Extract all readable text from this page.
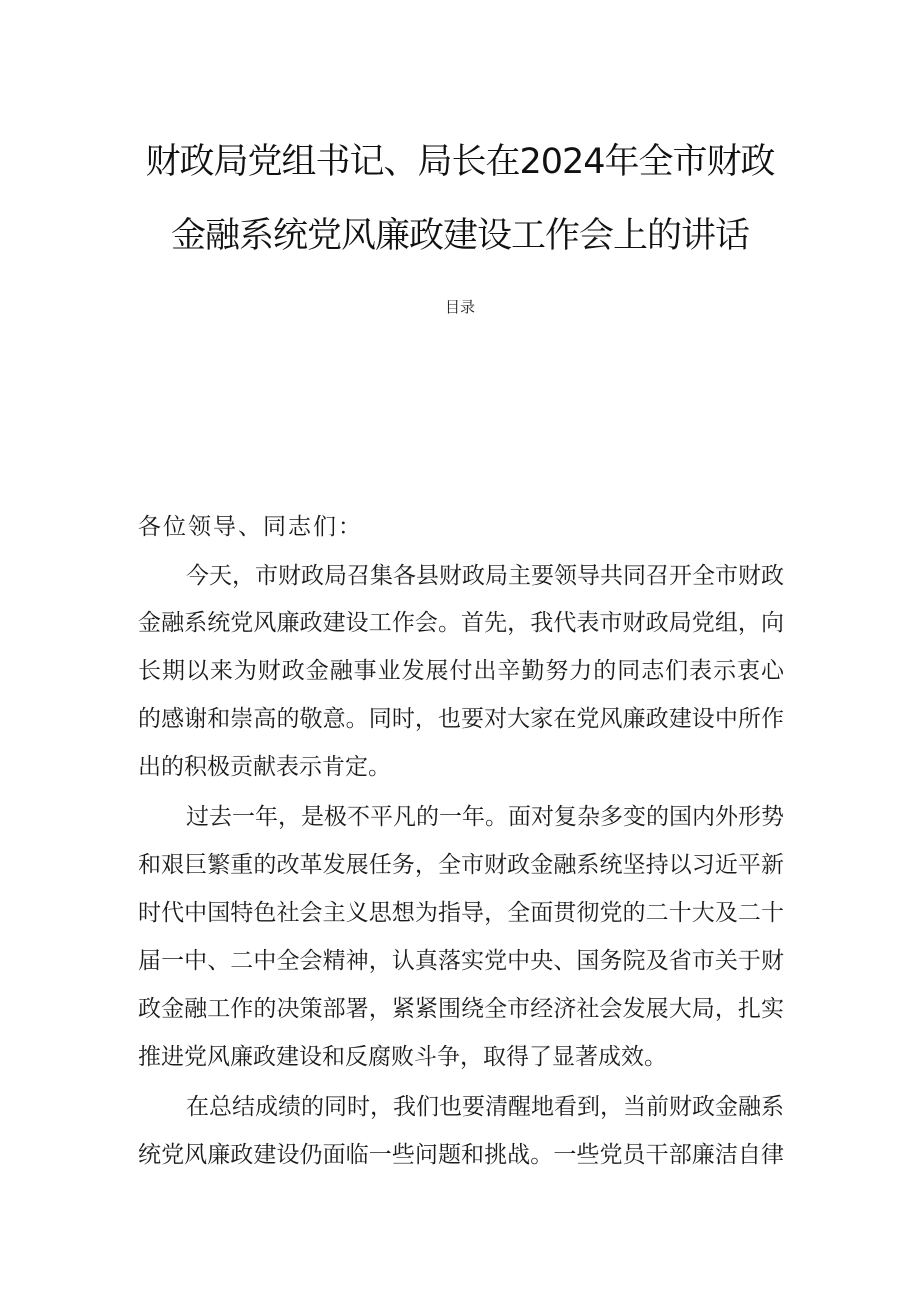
财政局党组书记、局长在2024年全市财政
金融系统党风廉政建设工作会上的讲话
目录
各位领导、同志们：
今天，市财政局召集各县财政局主要领导共同召开全市财政
金融系统党风廉政建设工作会。首先，我代表市财政局党组，向
长期以来为财政金融事业发展付出辛勤努力的同志们表示衷心
的感谢和崇高的敬意。同时，也要对大家在党风廉政建设中所作
出的积极贡献表示肯定。
过去一年，是极不平凡的一年。面对复杂多变的国内外形势
和艰巨繁重的改革发展任务，全市财政金融系统坚持以习近平新
时代中国特色社会主义思想为指导，全面贯彻党的二十大及二十
届一中、二中全会精神，认真落实党中央、国务院及省市关于财
政金融工作的决策部署，紧紧围绕全市经济社会发展大局，扎实
推进党风廉政建设和反腐败斗争，取得了显著成效。
在总结成绩的同时，我们也要清醒地看到，当前财政金融系
统党风廉政建设仍面临一些问题和挑战。一些党员干部廉洁自律
